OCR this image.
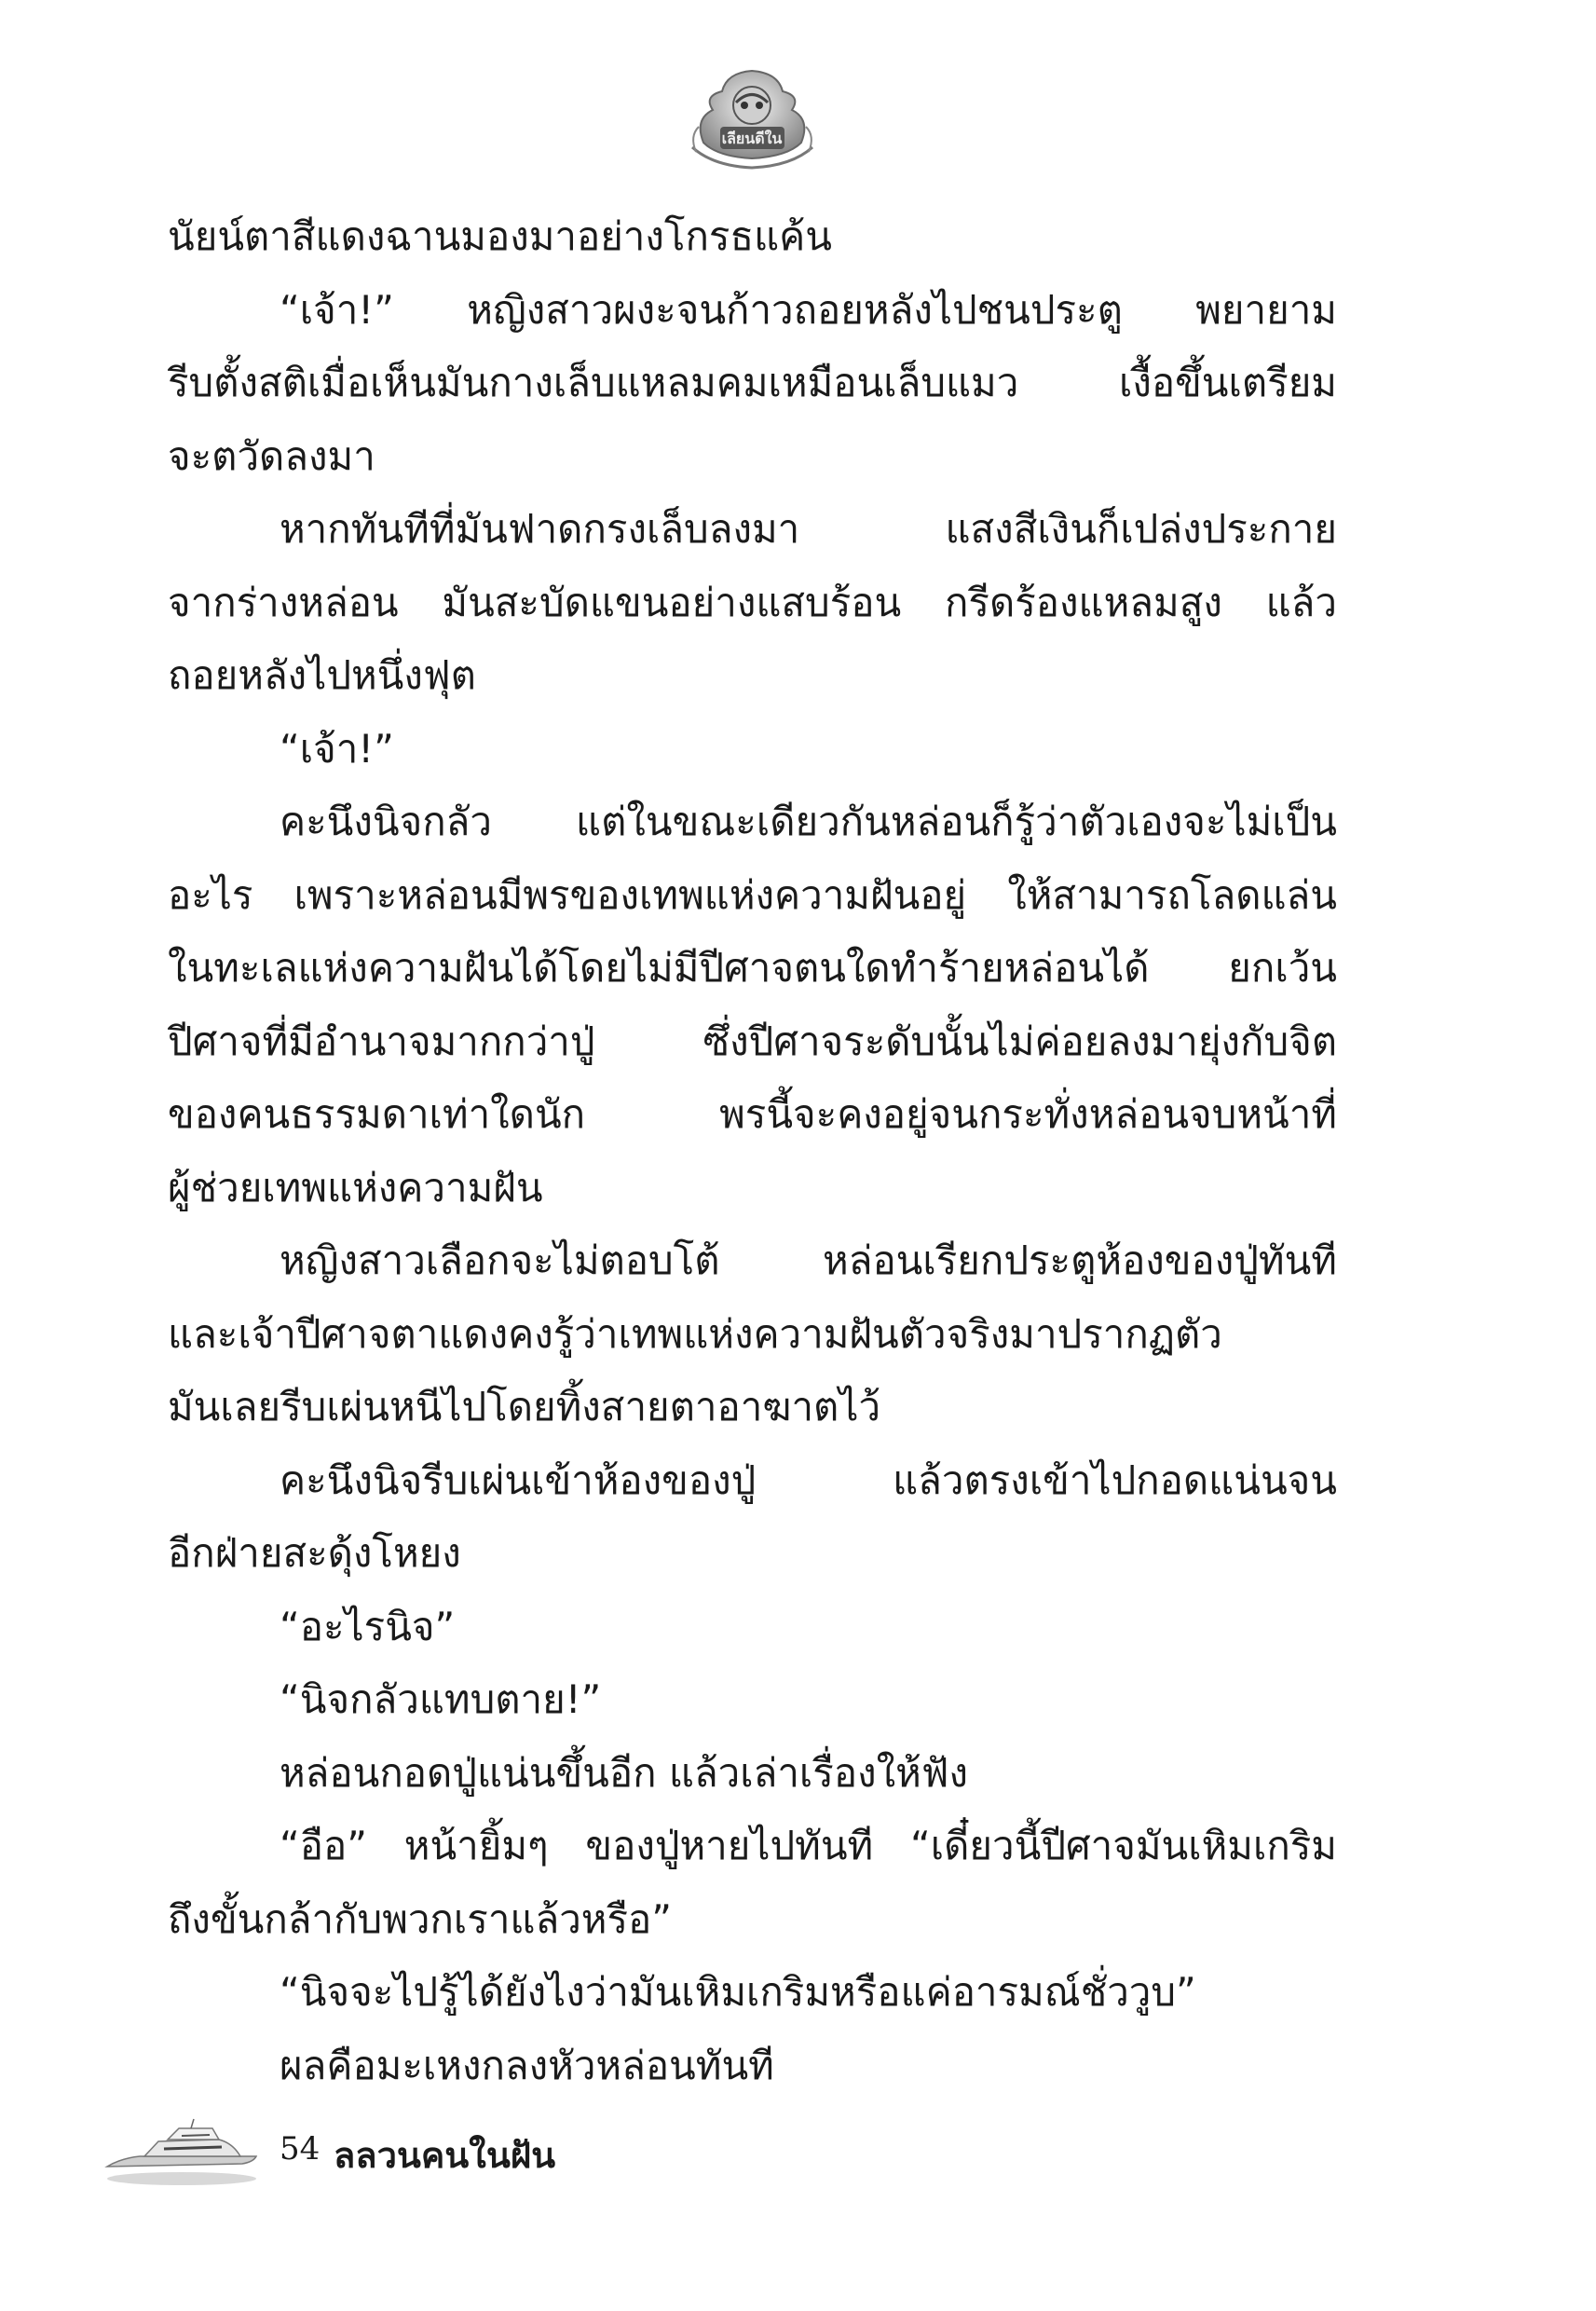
เลียนดีใน
นัยน์ตาสีแดงฉานมองมาอย่างโกรธแค้น
“เจ้า!” หญิงสาวผงะจนก้าวถอยหลังไปชนประตู พยายาม
รีบตั้งสติเมื่อเห็นมันกางเล็บแหลมคมเหมือนเล็บแมว เงื้อขึ้นเตรียม
จะตวัดลงมา
หากทันทีที่มันฟาดกรงเล็บลงมา แสงสีเงินก็เปล่งประกาย
จากร่างหล่อน มันสะบัดแขนอย่างแสบร้อน กรีดร้องแหลมสูง แล้ว
ถอยหลังไปหนึ่งฟุต
“เจ้า!”
คะนึงนิจกลัว แต่ในขณะเดียวกันหล่อนก็รู้ว่าตัวเองจะไม่เป็น
อะไร เพราะหล่อนมีพรของเทพแห่งความฝันอยู่ ให้สามารถโลดแล่น
ในทะเลแห่งความฝันได้โดยไม่มีปีศาจตนใดทำร้ายหล่อนได้ ยกเว้น
ปีศาจที่มีอำนาจมากกว่าปู่ ซึ่งปีศาจระดับนั้นไม่ค่อยลงมายุ่งกับจิต
ของคนธรรมดาเท่าใดนัก พรนี้จะคงอยู่จนกระทั่งหล่อนจบหน้าที่
ผู้ช่วยเทพแห่งความฝัน
หญิงสาวเลือกจะไม่ตอบโต้ หล่อนเรียกประตูห้องของปู่ทันที
และเจ้าปีศาจตาแดงคงรู้ว่าเทพแห่งความฝันตัวจริงมาปรากฏตัว
มันเลยรีบเผ่นหนีไปโดยทิ้งสายตาอาฆาตไว้
คะนึงนิจรีบเผ่นเข้าห้องของปู่ แล้วตรงเข้าไปกอดแน่นจน
อีกฝ่ายสะดุ้งโหยง
“อะไรนิจ”
“นิจกลัวแทบตาย!”
หล่อนกอดปู่แน่นขึ้นอีก แล้วเล่าเรื่องให้ฟัง
“อือ” หน้ายิ้มๆ ของปู่หายไปทันที “เดี๋ยวนี้ปีศาจมันเหิมเกริม
ถึงขั้นกล้ากับพวกเราแล้วหรือ”
“นิจจะไปรู้ได้ยังไงว่ามันเหิมเกริมหรือแค่อารมณ์ชั่ววูบ”
ผลคือมะเหงกลงหัวหล่อนทันที
54 ลลวนคนในฝัน
